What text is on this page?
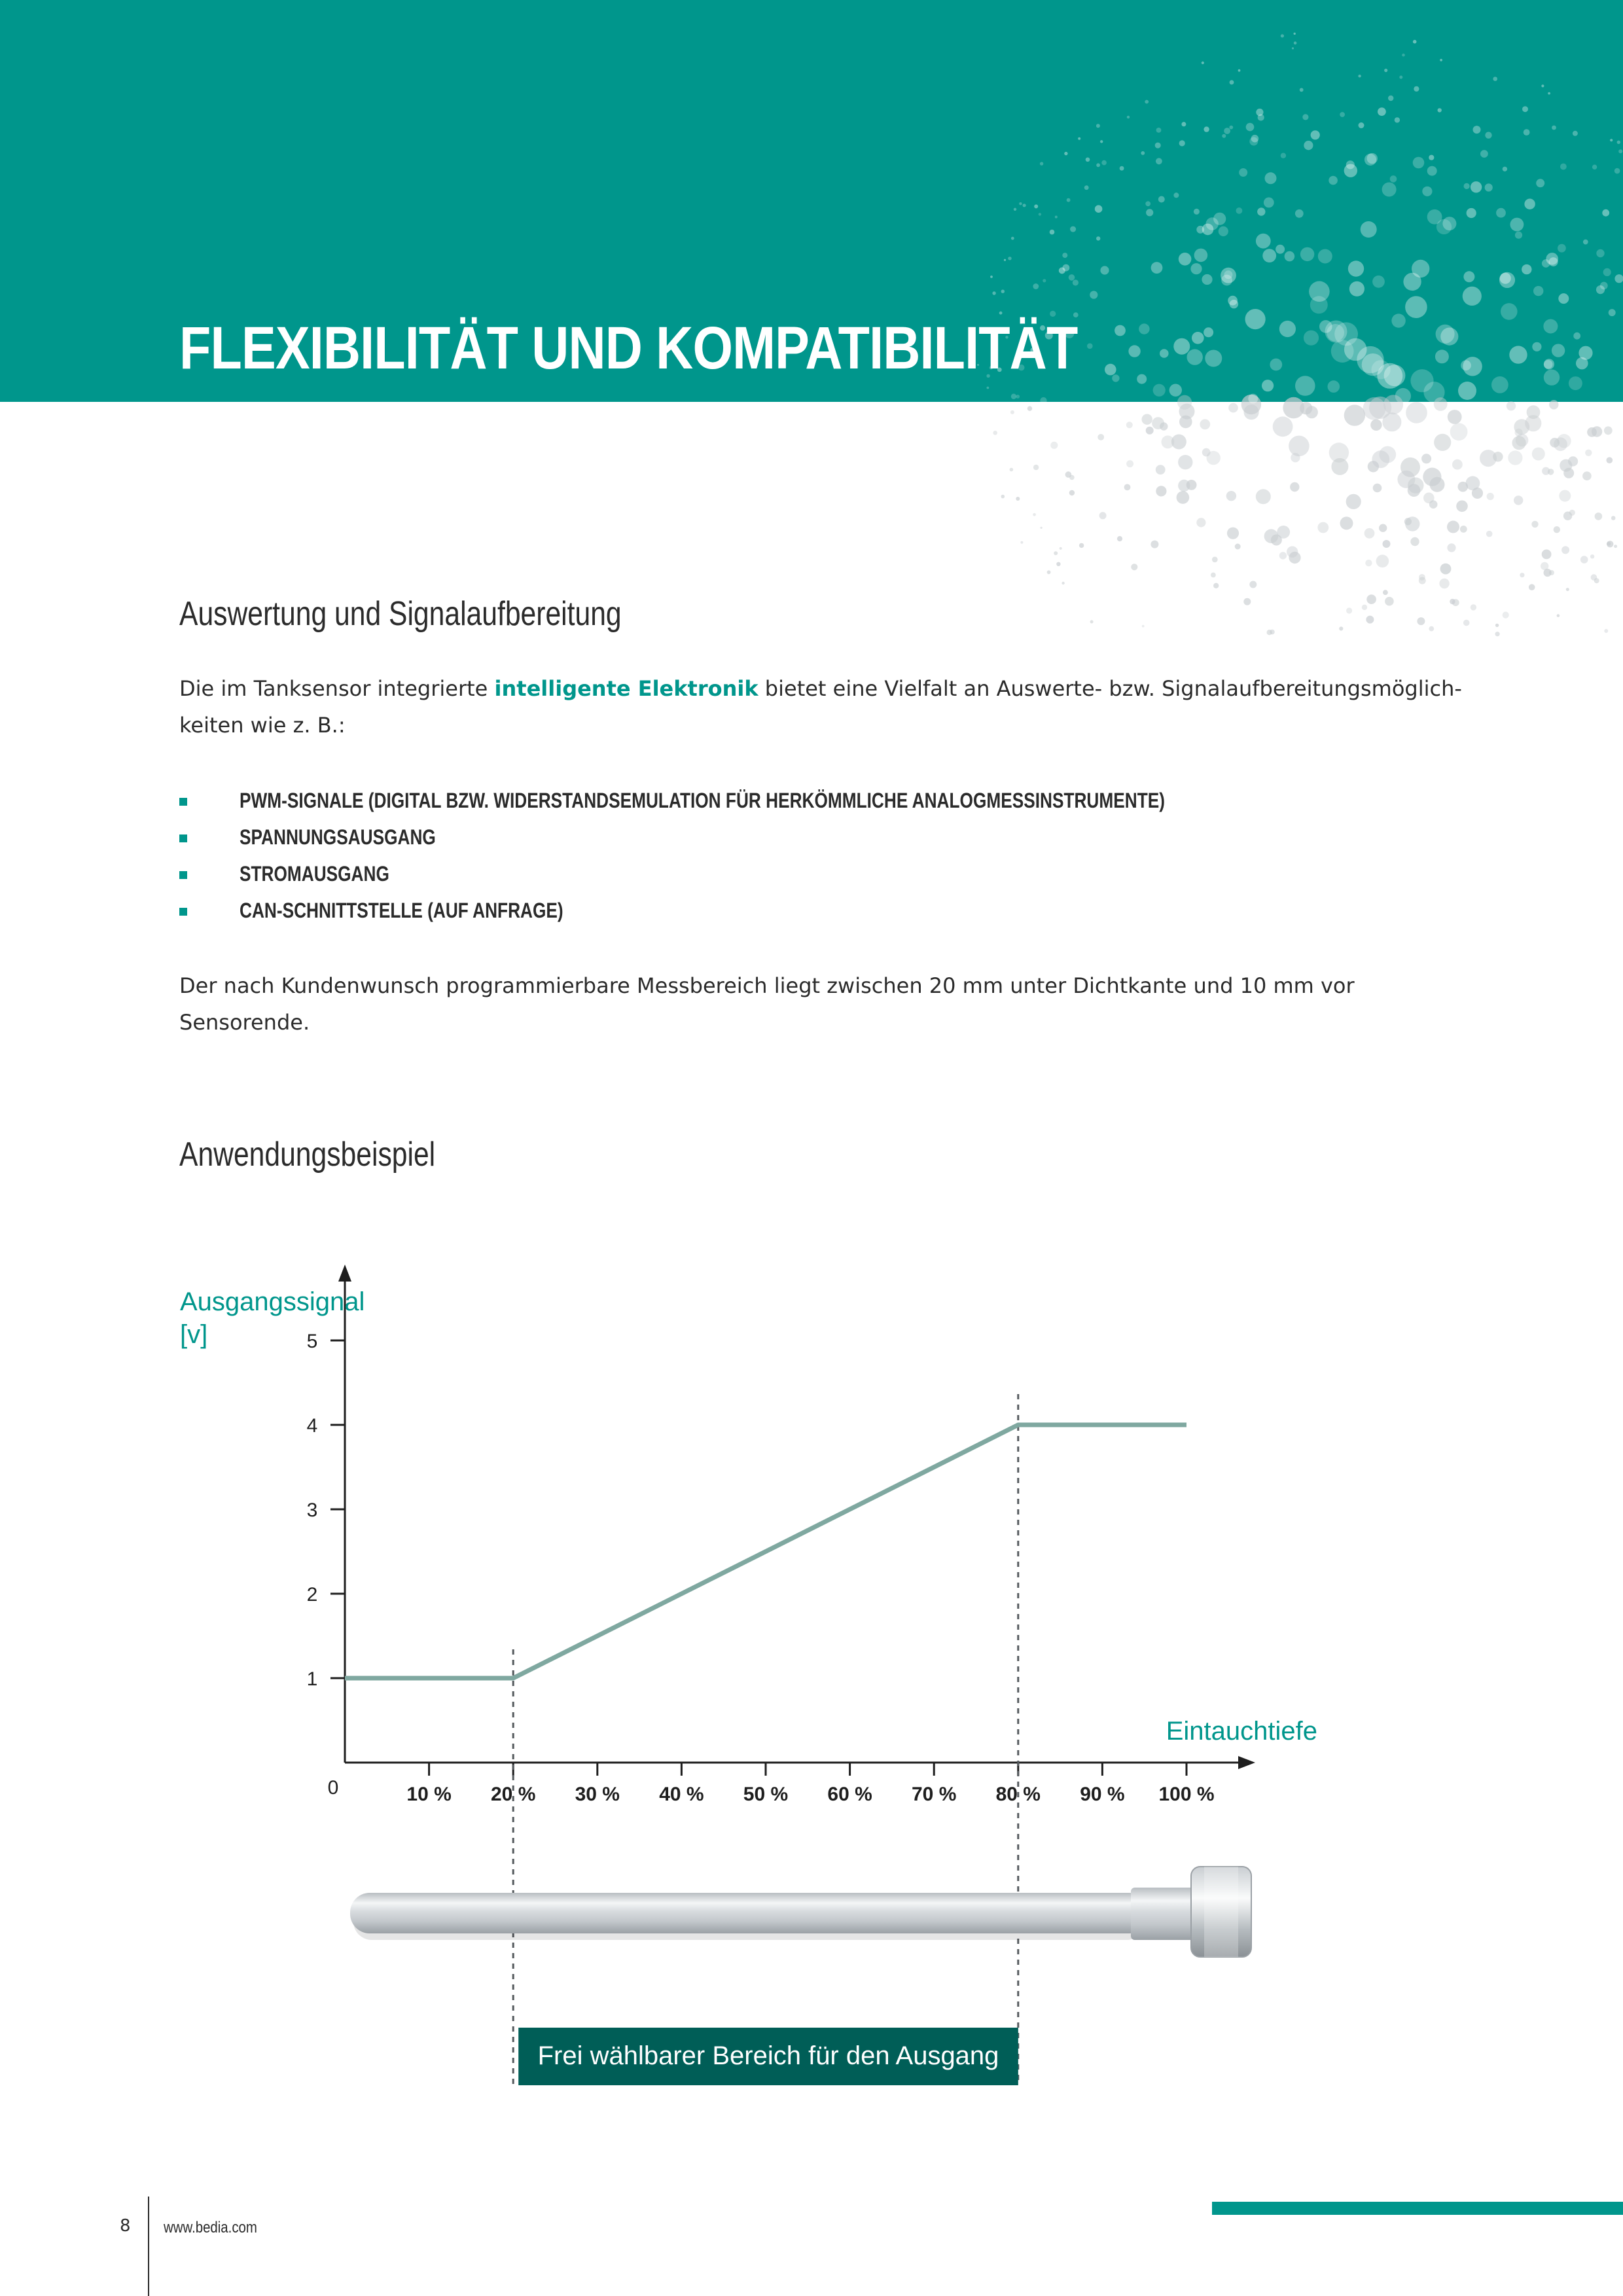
FLEXIBILITÄT UND KOMPATIBILITÄT
Auswertung und Signalaufbereitung
Die im Tanksensor integrierte intelligente Elektronik bietet eine Vielfalt an Auswerte- bzw. Signalaufbereitungsmöglich-
keiten wie z. B.:
PWM-SIGNALE (DIGITAL BZW. WIDERSTANDSEMULATION FÜR HERKÖMMLICHE ANALOGMESSINSTRUMENTE)
SPANNUNGSAUSGANG
STROMAUSGANG
CAN-SCHNITTSTELLE (AUF ANFRAGE)
Der nach Kundenwunsch programmierbare Messbereich liegt zwischen 20 mm unter Dichtkante und 10 mm vor
Sensorende.
Anwendungsbeispiel
1
2
3
4
5
10 % 20 % 30 % 40 % 50 % 60 % 70 % 80 % 90 % 100 %
0
Ausgangssignal
[v]
Eintauchtiefe
Frei wählbarer Bereich für den Ausgang
8 www.bedia.com
